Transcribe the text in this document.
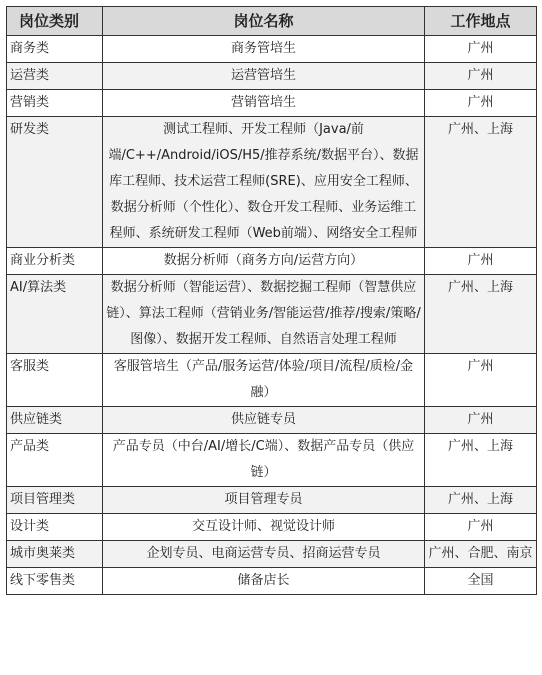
岗位类别	岗位名称	工作地点
商务类	商务管培生	广州
运营类	运营管培生	广州
营销类	营销管培生	广州
研发类	测试工程师、开发工程师（Java/前端/C++/Android/iOS/H5/推荐系统/数据平台）、数据库工程师、技术运营工程师(SRE)、应用安全工程师、数据分析师（个性化）、数仓开发工程师、业务运维工程师、系统研发工程师（Web前端）、网络安全工程师	广州、上海
商业分析类	数据分析师（商务方向/运营方向）	广州
AI/算法类	数据分析师（智能运营）、数据挖掘工程师（智慧供应链）、算法工程师（营销业务/智能运营/推荐/搜索/策略/图像）、数据开发工程师、自然语言处理工程师	广州、上海
客服类	客服管培生（产品/服务运营/体验/项目/流程/质检/金融）	广州
供应链类	供应链专员	广州
产品类	产品专员（中台/AI/增长/C端）、数据产品专员（供应链）	广州、上海
项目管理类	项目管理专员	广州、上海
设计类	交互设计师、视觉设计师	广州
城市奥莱类	企划专员、电商运营专员、招商运营专员	广州、合肥、南京
线下零售类	储备店长	全国
